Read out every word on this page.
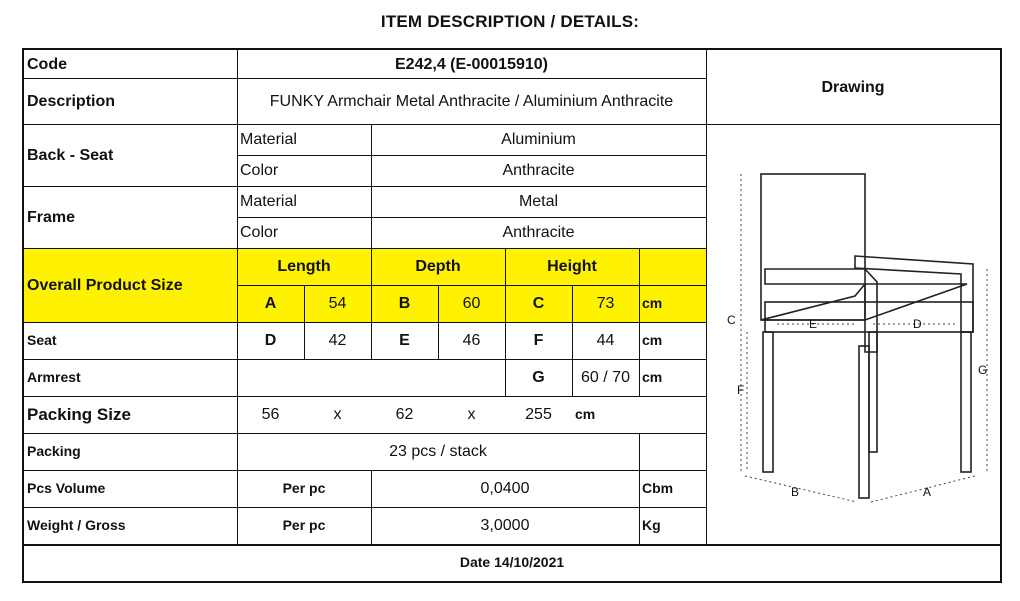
ITEM DESCRIPTION / DETAILS:
Code	E242,4 (E-00015910)
Description	FUNKY Armchair Metal Anthracite / Aluminium Anthracite
Drawing
Back - Seat
Material	Aluminium
Color	Anthracite
Frame
Material	Metal
Color	Anthracite
Overall Product Size
Length	Depth	Height
A	54	B	60	C	73	cm
Seat	D	42	E	46	F	44	cm
Armrest	G	60 / 70 cm
Packing Size	56	x	62	x	255	cm
Packing	23 pcs / stack
Pcs Volume	Per pc	0,0400	Cbm
Weight / Gross	Per pc	3,0000	Kg
Date 14/10/2021
C
F
G
B	A
E	D
